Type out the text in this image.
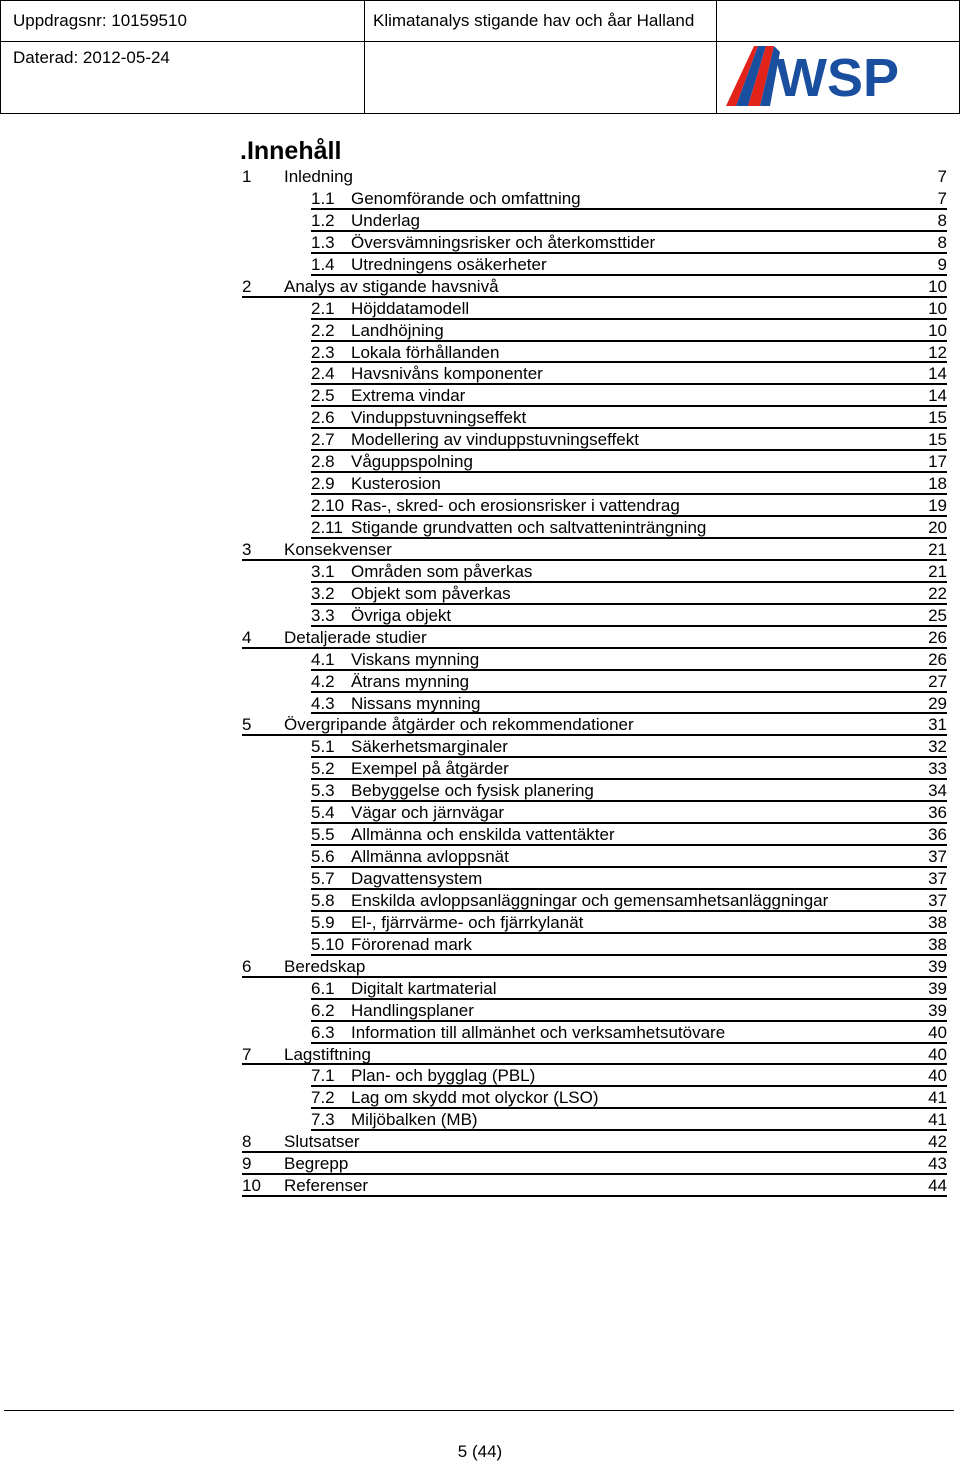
Uppdragsnr: 10159510	Klimatanalys stigande hav och åar Halland
Daterad: 2012-05-24	WSP
.Innehåll
1 Inledning	7
1.1 Genomförande och omfattning	7
1.2 Underlag	8
1.3 Översvämningsrisker och återkomsttider	8
1.4 Utredningens osäkerheter	9
2 Analys av stigande havsnivå	10
2.1 Höjddatamodell	10
2.2 Landhöjning	10
2.3 Lokala förhållanden	12
2.4 Havsnivåns komponenter	14
2.5 Extrema vindar	14
2.6 Vinduppstuvningseffekt	15
2.7 Modellering av vinduppstuvningseffekt	15
2.8 Våguppspolning	17
2.9 Kusterosion	18
2.10 Ras-, skred- och erosionsrisker i vattendrag	19
2.11 Stigande grundvatten och saltvatteninträngning	20
3 Konsekvenser	21
3.1 Områden som påverkas	21
3.2 Objekt som påverkas	22
3.3 Övriga objekt	25
4 Detaljerade studier	26
4.1 Viskans mynning	26
4.2 Ätrans mynning	27
4.3 Nissans mynning	29
5 Övergripande åtgärder och rekommendationer	31
5.1 Säkerhetsmarginaler	32
5.2 Exempel på åtgärder	33
5.3 Bebyggelse och fysisk planering	34
5.4 Vägar och järnvägar	36
5.5 Allmänna och enskilda vattentäkter	36
5.6 Allmänna avloppsnät	37
5.7 Dagvattensystem	37
5.8 Enskilda avloppsanläggningar och gemensamhetsanläggningar	37
5.9 El-, fjärrvärme- och fjärrkylanät	38
5.10 Förorenad mark	38
6 Beredskap	39
6.1 Digitalt kartmaterial	39
6.2 Handlingsplaner	39
6.3 Information till allmänhet och verksamhetsutövare	40
7 Lagstiftning	40
7.1 Plan- och bygglag (PBL)	40
7.2 Lag om skydd mot olyckor (LSO)	41
7.3 Miljöbalken (MB)	41
8 Slutsatser	42
9 Begrepp	43
10 Referenser	44
5 (44)
